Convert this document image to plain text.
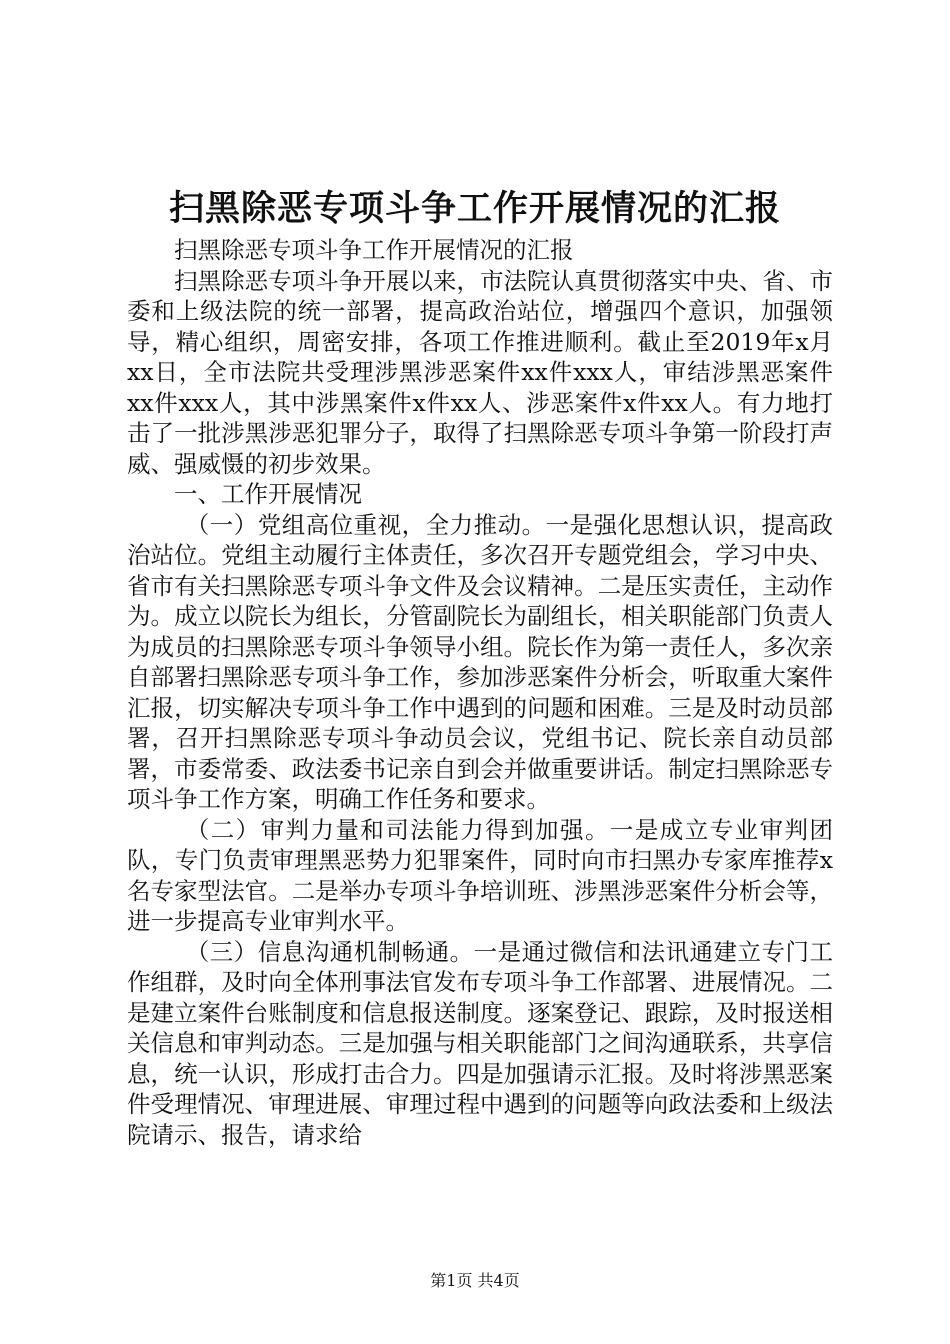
扫黑除恶专项斗争工作开展情况的汇报

扫黑除恶专项斗争工作开展情况的汇报

扫黑除恶专项斗争开展以来，市法院认真贯彻落实中央、省、市委和上级法院的统一部署，提高政治站位，增强四个意识，加强领导，精心组织，周密安排，各项工作推进顺利。截止至2019年x月xx日，全市法院共受理涉黑涉恶案件xx件xxx人，审结涉黑恶案件xx件xxx人，其中涉黑案件x件xx人、涉恶案件x件xx人。有力地打击了一批涉黑涉恶犯罪分子，取得了扫黑除恶专项斗争第一阶段打声威、强威慑的初步效果。

一、工作开展情况

（一）党组高位重视，全力推动。一是强化思想认识，提高政治站位。党组主动履行主体责任，多次召开专题党组会，学习中央、省市有关扫黑除恶专项斗争文件及会议精神。二是压实责任，主动作为。成立以院长为组长，分管副院长为副组长，相关职能部门负责人为成员的扫黑除恶专项斗争领导小组。院长作为第一责任人，多次亲自部署扫黑除恶专项斗争工作，参加涉恶案件分析会，听取重大案件汇报，切实解决专项斗争工作中遇到的问题和困难。三是及时动员部署，召开扫黑除恶专项斗争动员会议，党组书记、院长亲自动员部署，市委常委、政法委书记亲自到会并做重要讲话。制定扫黑除恶专项斗争工作方案，明确工作任务和要求。

（二）审判力量和司法能力得到加强。一是成立专业审判团队，专门负责审理黑恶势力犯罪案件，同时向市扫黑办专家库推荐x名专家型法官。二是举办专项斗争培训班、涉黑涉恶案件分析会等，进一步提高专业审判水平。

（三）信息沟通机制畅通。一是通过微信和法讯通建立专门工作组群，及时向全体刑事法官发布专项斗争工作部署、进展情况。二是建立案件台账制度和信息报送制度。逐案登记、跟踪，及时报送相关信息和审判动态。三是加强与相关职能部门之间沟通联系，共享信息，统一认识，形成打击合力。四是加强请示汇报。及时将涉黑恶案件受理情况、审理进展、审理过程中遇到的问题等向政法委和上级法院请示、报告，请求给

第1页 共4页
